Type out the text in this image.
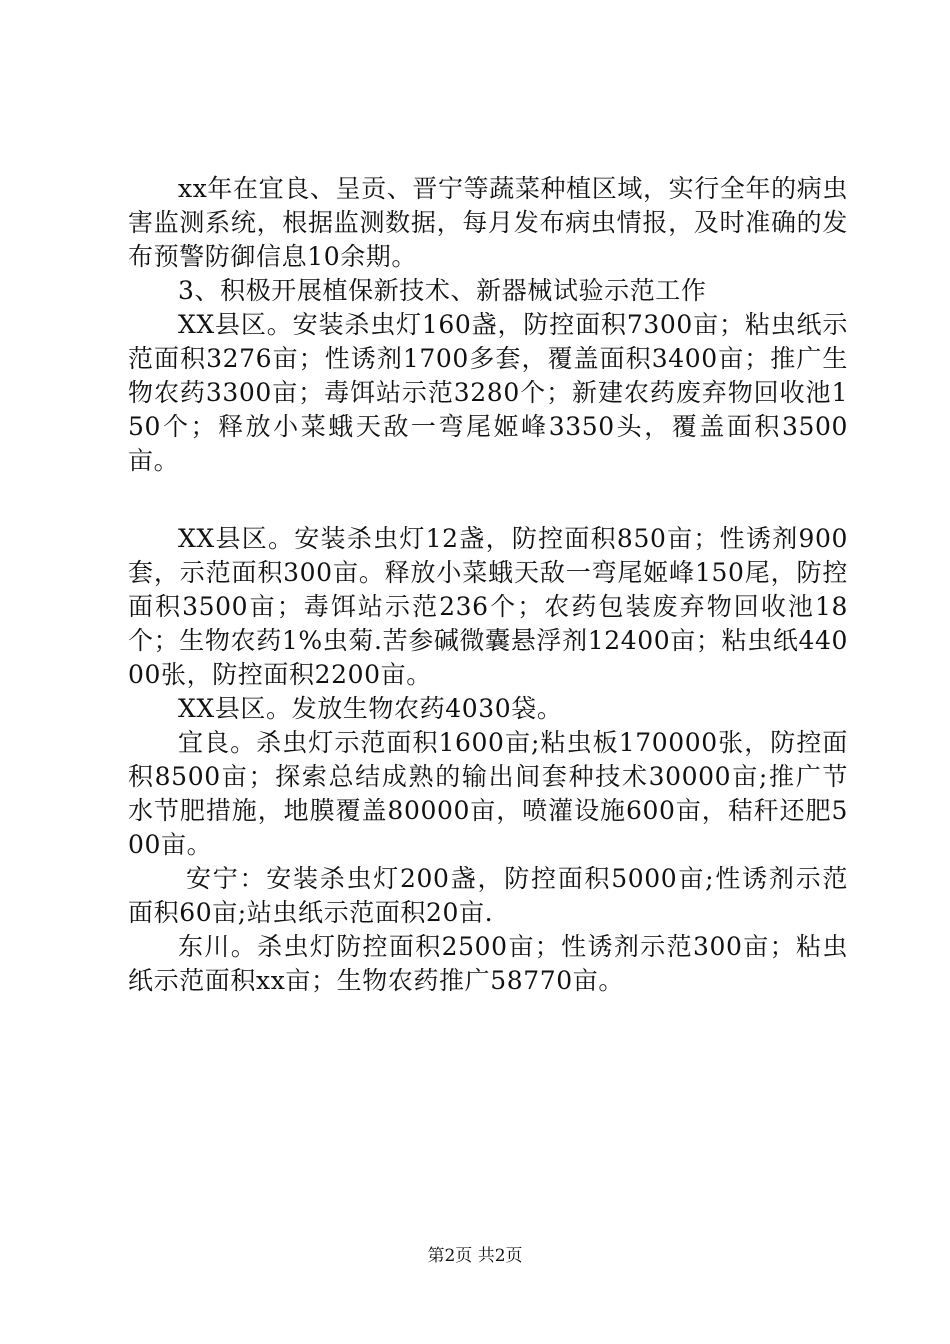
xx年在宜良、呈贡、晋宁等蔬菜种植区域，实行全年的病虫害监测系统，根据监测数据，每月发布病虫情报，及时准确的发布预警防御信息10余期。

3、积极开展植保新技术、新器械试验示范工作

XX县区。安装杀虫灯160盏，防控面积7300亩；粘虫纸示范面积3276亩；性诱剂1700多套，覆盖面积3400亩；推广生物农药3300亩；毒饵站示范3280个；新建农药废弃物回收池150个；释放小菜蛾天敌一弯尾姬峰3350头，覆盖面积3500亩。

XX县区。安装杀虫灯12盏，防控面积850亩；性诱剂900套，示范面积300亩。释放小菜蛾天敌一弯尾姬峰150尾，防控面积3500亩；毒饵站示范236个；农药包装废弃物回收池18个；生物农药1%虫菊.苦参碱微囊悬浮剂12400亩；粘虫纸44000张，防控面积2200亩。

XX县区。发放生物农药4030袋。

宜良。杀虫灯示范面积1600亩;粘虫板170000张，防控面积8500亩；探索总结成熟的输出间套种技术30000亩;推广节水节肥措施，地膜覆盖80000亩，喷灌设施600亩，秸秆还肥500亩。

安宁：安装杀虫灯200盏，防控面积5000亩;性诱剂示范面积60亩;站虫纸示范面积20亩.

东川。杀虫灯防控面积2500亩；性诱剂示范300亩；粘虫纸示范面积xx亩；生物农药推广58770亩。

第2页 共2页
